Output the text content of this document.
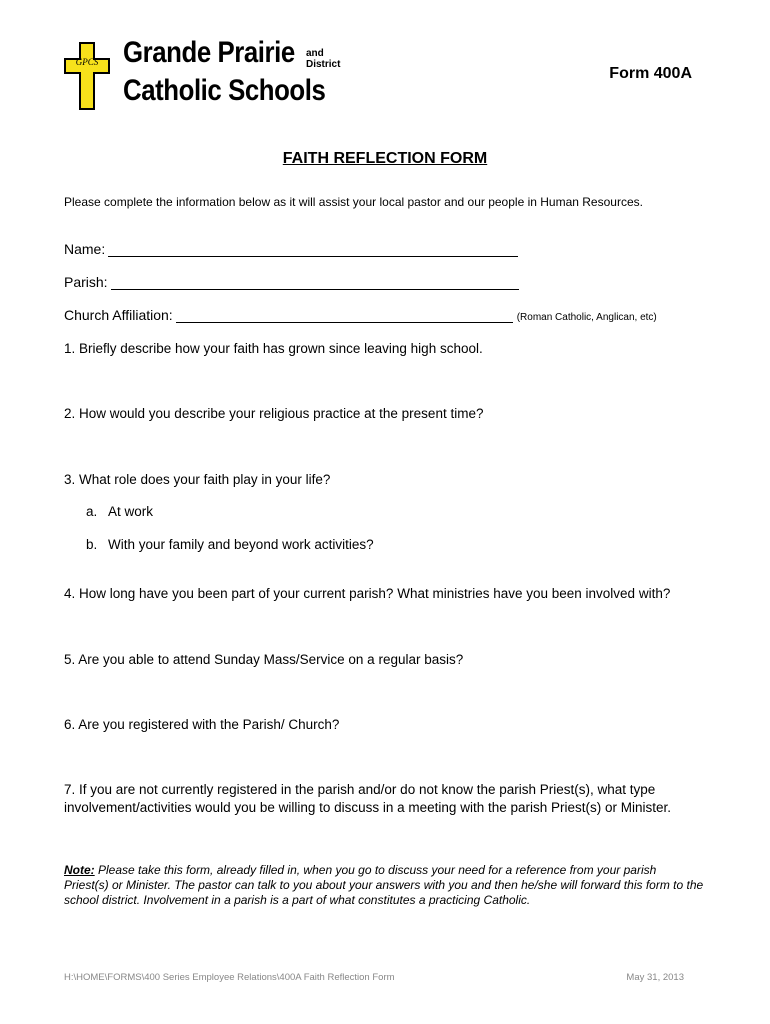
GPCS Grande Prairie and
District
Catholic Schools
Form 400A
FAITH REFLECTION FORM
Please complete the information below as it will assist your local pastor and our people in Human Resources.
Name:
Parish:
Church Affiliation:	(Roman Catholic, Anglican, etc)
1. Briefly describe how your faith has grown since leaving high school.
2. How would you describe your religious practice at the present time?
3. What role does your faith play in your life?
a. At work
b. With your family and beyond work activities?
4. How long have you been part of your current parish? What ministries have you been involved with?
5. Are you able to attend Sunday Mass/Service on a regular basis?
6. Are you registered with the Parish/ Church?
7. If you are not currently registered in the parish and/or do not know the parish Priest(s), what type
involvement/activities would you be willing to discuss in a meeting with the parish Priest(s) or Minister.
Note: Please take this form, already filled in, when you go to discuss your need for a reference from your parish Priest(s) or Minister. The pastor can talk to you about your answers with you and then he/she will forward this form to the school district. Involvement in a parish is a part of what constitutes a practicing Catholic.
H:\HOME\FORMS\400 Series Employee Relations\400A Faith Reflection Form	May 31, 2013
